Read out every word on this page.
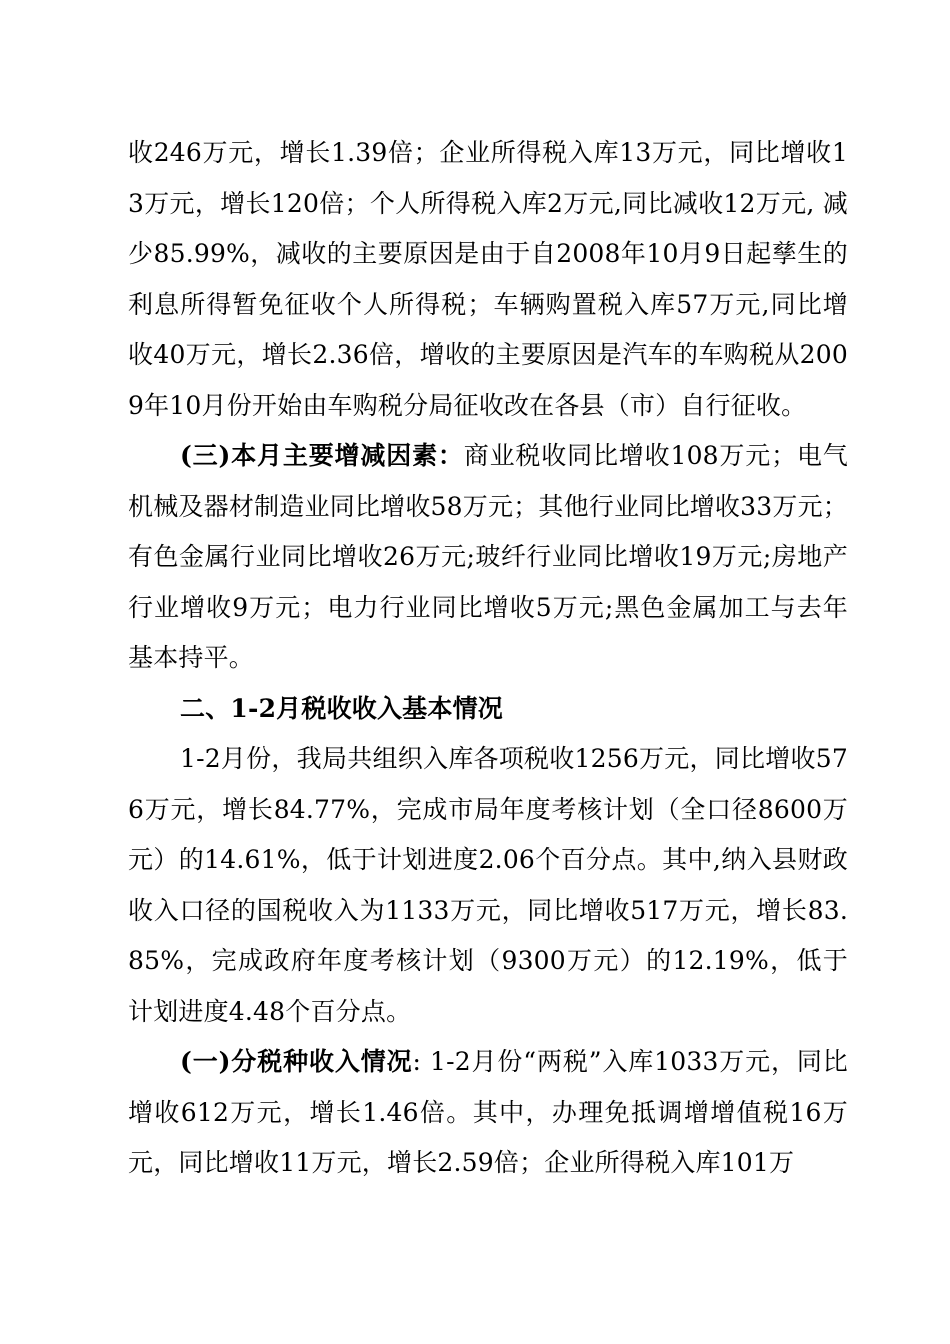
收246万元，增长1.39倍；企业所得税入库13万元，同比增收13万元，增长120倍；个人所得税入库2万元,同比减收12万元, 减少85.99%，减收的主要原因是由于自2008年10月9日起孳生的利息所得暂免征收个人所得税；车辆购置税入库57万元,同比增收40万元，增长2.36倍，增收的主要原因是汽车的车购税从2009年10月份开始由车购税分局征收改在各县（市）自行征收。

(三)本月主要增减因素：商业税收同比增收108万元；电气机械及器材制造业同比增收58万元；其他行业同比增收33万元；有色金属行业同比增收26万元;玻纤行业同比增收19万元;房地产行业增收9万元；电力行业同比增收5万元;黑色金属加工与去年基本持平。

二、1-2月税收收入基本情况

1-2月份，我局共组织入库各项税收1256万元，同比增收576万元，增长84.77%，完成市局年度考核计划（全口径8600万元）的14.61%，低于计划进度2.06个百分点。其中,纳入县财政收入口径的国税收入为1133万元，同比增收517万元，增长83.85%，完成政府年度考核计划（9300万元）的12.19%，低于计划进度4.48个百分点。

(一)分税种收入情况: 1-2月份“两税”入库1033万元，同比增收612万元，增长1.46倍。其中，办理免抵调增增值税16万元，同比增收11万元，增长2.59倍；企业所得税入库101万
